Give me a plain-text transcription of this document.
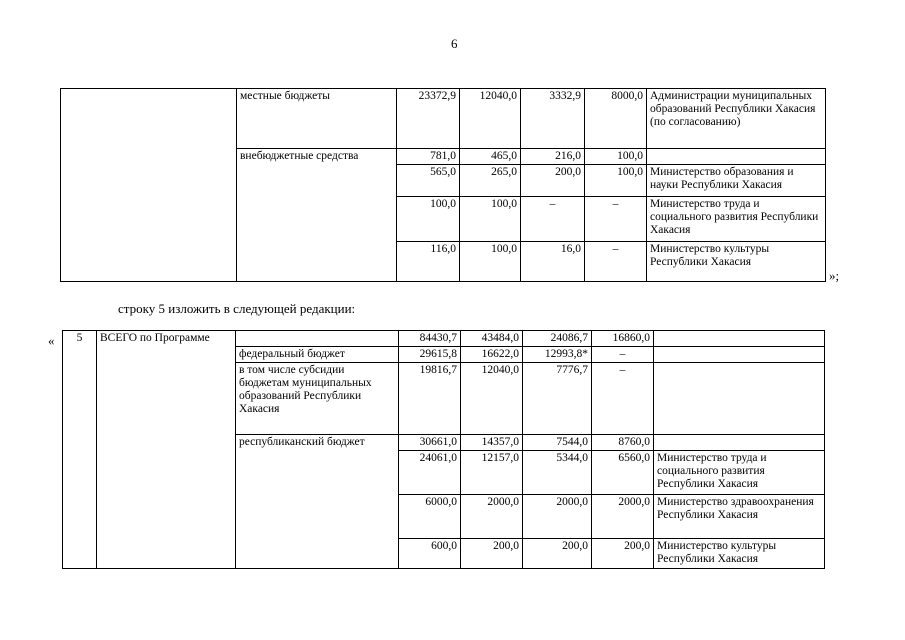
6
	местные бюджеты	23372,9	12040,0	3332,9	8000,0	Администрации муниципальных образований Республики Хакасия (по согласованию)
	внебюджетные средства	781,0	465,0	216,0	100,0	
		565,0	265,0	200,0	100,0	Министерство образования и науки Республики Хакасия
		100,0	100,0	–	–	Министерство труда и социального развития Республики Хакасия
		116,0	100,0	16,0	–	Министерство культуры Республики Хакасия
»;
строку 5 изложить в следующей редакции:
« 5	ВСЕГО по Программе		84430,7	43484,0	24086,7	16860,0	
		федеральный бюджет	29615,8	16622,0	12993,8*	–	
		в том числе субсидии бюджетам муниципальных образований Республики Хакасия	19816,7	12040,0	7776,7	–	
		республиканский бюджет	30661,0	14357,0	7544,0	8760,0	
			24061,0	12157,0	5344,0	6560,0	Министерство труда и социального развития Республики Хакасия
			6000,0	2000,0	2000,0	2000,0	Министерство здравоохранения Республики Хакасия
			600,0	200,0	200,0	200,0	Министерство культуры Республики Хакасия
